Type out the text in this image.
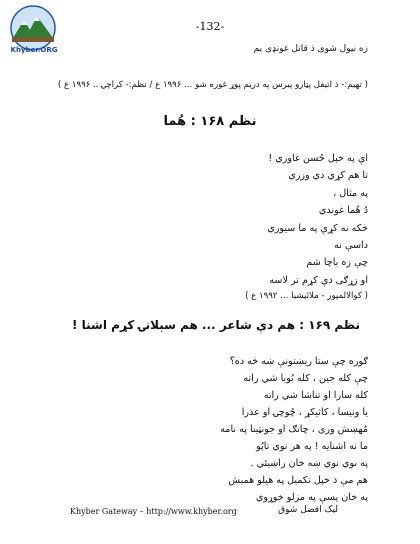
Khyber.ORG
-132-
زه نیول شوی ذ قاتل غونډی یم
( تهیم:- ذ اتیفل پټارو پیرس په دریم پوړ غوره شو ... ۱۹۹۶ ع / نظم:- کراچۍ .. ۱۹۹۶ ع )
نظم ۱۶۸ : هُما
اې په خپل حُسن غاوري !
تا هم کړي دي وزري
په مثال ،
دُ هُما غوندي
څکه نه کړې په ما سیوري
داسې نه
چې زه ‌باچا شم
او زړګی دې کړم تر لاسه
( کوالالمپور - ملائیشیا ... ۱۹۹۲ ع )
نظم ۱۶۹ : هم دې شاعر ... هم سېلانۍ کړم اشنا !
ګوره چې ستا ریښتونې ښه څه ده؟
چې کله جین ، کله بُوبا شي راته
کله سارا او تناشا شي راته
یا ونیسا ، کاثیکړ ، چُوچۍ او عذرا
مُهښش وری ، چانګ او جونټینا په نامه
ما نه اشنایه ! په هر نوي تاپُو
په نوي نوي ښه خان راښیئي .
هم مې ذ خپل تکمیل په هیلو همبش
په خان پسې په مزلو خوړوي
Khyber Gateway – http://www.khyber.org	لیک افضل شوق
